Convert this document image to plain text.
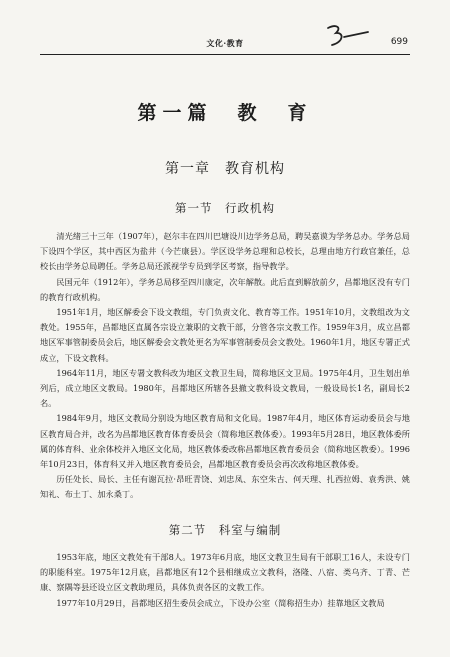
文化·教育	699
第一篇　教　育
第一章　教育机构
第一节　行政机构

清光绪三十三年（1907年），赵尔丰在四川巴塘设川边学务总局，聘吴嘉谟为学务总办。学务总局下设四个学区，其中西区为盐井（今芒康县）。学区设学务总理和总校长，总理由地方行政官兼任，总校长由学务总局聘任。学务总局还派视学专员到学区考察，指导教学。

民国元年（1912年），学务总局移至四川康定，次年解散。此后直到解放前夕，昌都地区没有专门的教育行政机构。

1951年1月，地区解委会下设文教组，专门负责文化、教育等工作。1951年10月，文教组改为文教处。1955年，昌都地区直属各宗设立兼职的文教干部，分管各宗文教工作。1959年3月，成立昌都地区军事管制委员会后，地区解委会文教处更名为军事管制委员会文教处。1960年1月，地区专署正式成立，下设文教科。

1964年11月，地区专署文教科改为地区文教卫生局，简称地区文卫局。1975年4月，卫生划出单列后，成立地区文教局。1980年，昌都地区所辖各县撤文教科设文教局，一般设局长1名，副局长2名。

1984年9月，地区文教局分别设为地区教育局和文化局。1987年4月，地区体育运动委员会与地区教育局合并，改名为昌都地区教育体育委员会（简称地区教体委）。1993年5月28日，地区教体委所属的体育科、业余体校并入地区文化局，地区教体委改称昌都地区教育委员会（简称地区教委）。1996年10月23日，体育科又并入地区教育委员会，昌都地区教育委员会再次改称地区教体委。

历任处长、局长、主任有谢瓦拉·昂旺青饶、刘忠凤、东空朱古、何天理、扎西拉姆、袁秀洪、姚知礼、布土丁、加永桑丁。

第二节　科室与编制

1953年底，地区文教处有干部8人。1973年6月底，地区文教卫生局有干部职工16人，未设专门的职能科室。1975年12月底，昌都地区有12个县相继成立文教科，洛隆、八宿、类乌齐、丁青、芒康、察隅等县还设立区文教助理员，具体负责各区的文教工作。

1977年10月29日，昌都地区招生委员会成立，下设办公室（简称招生办）挂靠地区文教局
